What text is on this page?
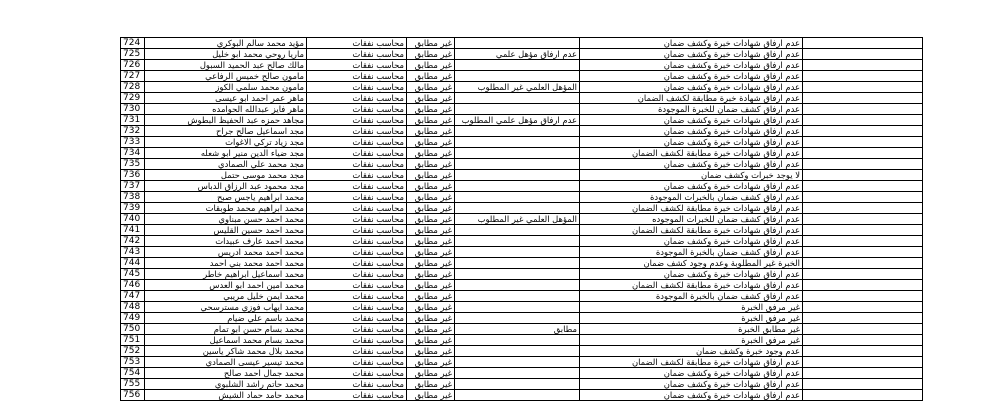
724	مؤيد محمد سالم البوكري	محاسب نفقات	غير مطابق		عدم ارفاق شهادات خبرة وكشف ضمان	
725	ماريا روحي محمد ابو خليل	محاسب نفقات	غير مطابق	عدم ارفاق مؤهل علمي	عدم ارفاق شهادات خبرة وكشف ضمان	
726	مالك صالح عبد الحميد السبول	محاسب نفقات	غير مطابق		عدم ارفاق شهادات خبرة وكشف ضمان	
727	مامون صالح خميس الرفاعي	محاسب نفقات	غير مطابق		عدم ارفاق شهادات خبرة وكشف ضمان	
728	مامون محمد سلمي الكوز	محاسب نفقات	غير مطابق	المؤهل العلمي غير المطلوب	عدم ارفاق شهادات خبرة وكشف ضمان	
729	ماهر عمر احمد ابو عيسى	محاسب نفقات	غير مطابق		عدم ارفاق شهادة خبرة مطابقة لكشف الضمان	
730	ماهر فايز عبدالله الحوامده	محاسب نفقات	غير مطابق		عدم ارفاق كشف ضمان للخبرة الموجودة	
731	مجاهد حمزه عبد الحفيظ البطوش	محاسب نفقات	غير مطابق	عدم ارفاق مؤهل علمي المطلوب	عدم ارفاق شهادات خبرة وكشف ضمان	
732	مجد اسماعيل صالح جراح	محاسب نفقات	غير مطابق		عدم ارفاق شهادات خبرة وكشف ضمان	
733	مجد زياد تركي الاغوات	محاسب نفقات	غير مطابق		عدم ارفاق شهادات خبرة وكشف ضمان	
734	مجد ضياء الدين منير ابو شعله	محاسب نفقات	غير مطابق		عدم ارفاق شهادات خبرة مطابقة لكشف الضمان	
735	مجد محمد علي الصمادي	محاسب نفقات	غير مطابق		عدم ارفاق شهادات خبرة وكشف ضمان	
736	مجد محمد موسى حتمل	محاسب نفقات	غير مطابق		لا يوجد خبرات وكشف ضمان	
737	مجد محمود عبد الرزاق الدباس	محاسب نفقات	غير مطابق		عدم ارفاق شهادات خبرة وكشف ضمان	
738	محمد ابراهيم ياجس صبح	محاسب نفقات	غير مطابق		عدم ارفاق كشف ضمان بالخبرات الموجودة	
739	محمد ابراهيم محمد طوبقات	محاسب نفقات	غير مطابق		عدم ارفاق شهادات خبرة مطابقة لكشف الضمان	
740	محمد احمد حسن مبناوي	محاسب نفقات	غير مطابق	المؤهل العلمي غير المطلوب	عدم ارفاق كشف ضمان للخبرات الموجوده	
741	محمد احمد حسين القليس	محاسب نفقات	غير مطابق		عدم ارفاق شهادات خبرة مطابقة لكشف الضمان	
742	محمد احمد عارف عبيدات	محاسب نفقات	غير مطابق		عدم ارفاق شهادات خبرة وكشف ضمان	
743	محمد احمد محمد ادريس	محاسب نفقات	غير مطابق		عدم ارفاق كشف ضمان بالخبرة الموجودة	
744	محمد احمد محمد بني احمد	محاسب نفقات	غير مطابق		الخبرة غير المطلوبة وعدم وجود كشف ضمان	
745	محمد اسماعيل ابراهيم خاطر	محاسب نفقات	غير مطابق		عدم ارفاق شهادات خبرة وكشف ضمان	
746	محمد امين احمد ابو العدس	محاسب نفقات	غير مطابق		عدم ارفاق شهادات خبرة مطابقة لكشف الضمان	
747	محمد ايمن خليل مريبي	محاسب نفقات	غير مطابق		عدم ارفاق كشف ضمان بالخبرة الموجودة	
748	محمد ايهاب فوزي مسترسحي	محاسب نفقات	غير مطابق		غير مرفق الخبرة	
749	محمد باسم علي ضيام	محاسب نفقات	غير مطابق		غير مرفق الخبرة	
750	محمد بسام حسن ابو تمام	محاسب نفقات	غير مطابق	مطابق	غير مطابق الخبرة	
751	محمد بسام محمد اسماعيل	محاسب نفقات	غير مطابق		غير مرفق الخبرة	
752	محمد بلال محمد شاكر ياسين	محاسب نفقات	غير مطابق		عدم وجود خبرة وكشف ضمان	
753	محمد تيسير عيسى الصمادي	محاسب نفقات	غير مطابق		عدم ارفاق شهادات خبرة مطابقة لكشف الضمان	
754	محمد جمال احمد صالح	محاسب نفقات	غير مطابق		عدم ارفاق شهادات خبرة وكشف ضمان	
755	محمد حاتم راشد الشلبوي	محاسب نفقات	غير مطابق		عدم ارفاق شهادات خبرة وكشف ضمان	
756	محمد حامد حماد الشيش	محاسب نفقات	غير مطابق		عدم ارفاق شهادات خبرة وكشف ضمان	
